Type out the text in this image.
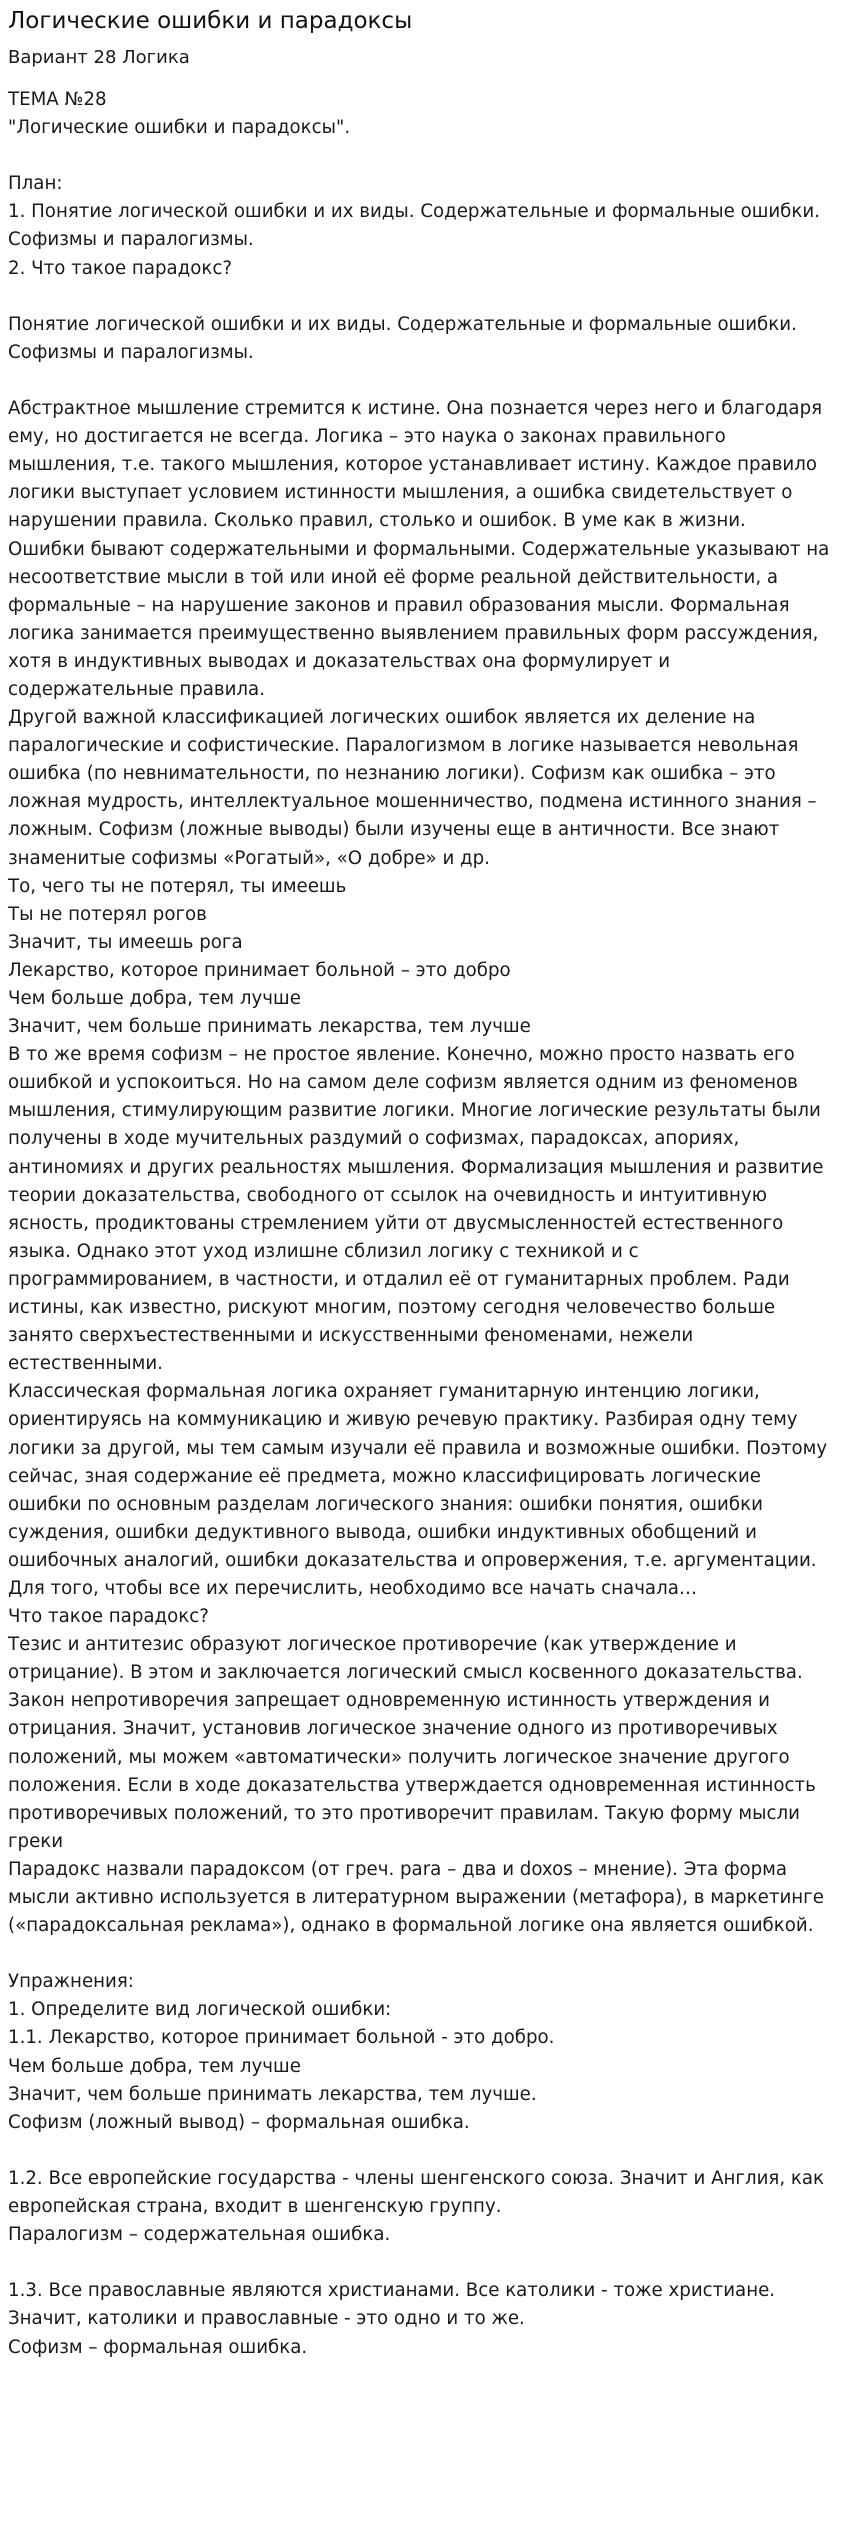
Логические ошибки и парадоксы
Вариант 28 Логика
ТЕМА №28
"Логические ошибки и парадоксы".

План:
1. Понятие логической ошибки и их виды. Содержательные и формальные ошибки. Софизмы и паралогизмы.
2. Что такое парадокс?

Понятие логической ошибки и их виды. Содержательные и формальные ошибки. Софизмы и паралогизмы.

Абстрактное мышление стремится к истине. Она познается через него и благодаря ему, но достигается не всегда. Логика – это наука о законах правильного мышления, т.е. такого мышления, которое устанавливает истину. Каждое правило логики выступает условием истинности мышления, а ошибка свидетельствует о нарушении правила. Сколько правил, столько и ошибок. В уме как в жизни.
Ошибки бывают содержательными и формальными. Содержательные указывают на несоответствие мысли в той или иной её форме реальной действительности, а формальные – на нарушение законов и правил образования мысли. Формальная логика занимается преимущественно выявлением правильных форм рассуждения, хотя в индуктивных выводах и доказательствах она формулирует и содержательные правила.
Другой важной классификацией логических ошибок является их деление на паралогические и софистические. Паралогизмом в логике называется невольная ошибка (по невнимательности, по незнанию логики). Софизм как ошибка – это ложная мудрость, интеллектуальное мошенничество, подмена истинного знания – ложным. Софизм (ложные выводы) были изучены еще в античности. Все знают знаменитые софизмы «Рогатый», «О добре» и др.
То, чего ты не потерял, ты имеешь
Ты не потерял рогов
Значит, ты имеешь рога
Лекарство, которое принимает больной – это добро
Чем больше добра, тем лучше
Значит, чем больше принимать лекарства, тем лучше
В то же время софизм – не простое явление. Конечно, можно просто назвать его ошибкой и успокоиться. Но на самом деле софизм является одним из феноменов мышления, стимулирующим развитие логики. Многие логические результаты были получены в ходе мучительных раздумий о софизмах, парадоксах, апориях, антиномиях и других реальностях мышления. Формализация мышления и развитие теории доказательства, свободного от ссылок на очевидность и интуитивную ясность, продиктованы стремлением уйти от двусмысленностей естественного языка. Однако этот уход излишне сблизил логику с техникой и с программированием, в частности, и отдалил её от гуманитарных проблем. Ради истины, как известно, рискуют многим, поэтому сегодня человечество больше занято сверхъестественными и искусственными феноменами, нежели естественными.
Классическая формальная логика охраняет гуманитарную интенцию логики, ориентируясь на коммуникацию и живую речевую практику. Разбирая одну тему логики за другой, мы тем самым изучали её правила и возможные ошибки. Поэтому сейчас, зная содержание её предмета, можно классифицировать логические ошибки по основным разделам логического знания: ошибки понятия, ошибки суждения, ошибки дедуктивного вывода, ошибки индуктивных обобщений и ошибочных аналогий, ошибки доказательства и опровержения, т.е. аргументации. Для того, чтобы все их перечислить, необходимо все начать сначала…
Что такое парадокс?
Тезис и антитезис образуют логическое противоречие (как утверждение и отрицание). В этом и заключается логический смысл косвенного доказательства. Закон непротиворечия запрещает одновременную истинность утверждения и отрицания. Значит, установив логическое значение одного из противоречивых положений, мы можем «автоматически» получить логическое значение другого положения. Если в ходе доказательства утверждается одновременная истинность противоречивых положений, то это противоречит правилам. Такую форму мысли греки
Парадокс назвали парадоксом (от греч. para – два и doxos – мнение). Эта форма мысли активно используется в литературном выражении (метафора), в маркетинге («парадоксальная реклама»), однако в формальной логике она является ошибкой.

Упражнения:
1. Определите вид логической ошибки:
1.1. Лекарство, которое принимает больной - это добро.
Чем больше добра, тем лучше
Значит, чем больше принимать лекарства, тем лучше.
Софизм (ложный вывод) – формальная ошибка.

1.2. Все европейские государства - члены шенгенского союза. Значит и Англия, как европейская страна, входит в шенгенскую группу.
Паралогизм – содержательная ошибка.

1.3. Все православные являются христианами. Все католики - тоже христиане. Значит, католики и православные - это одно и то же.
Софизм – формальная ошибка.
